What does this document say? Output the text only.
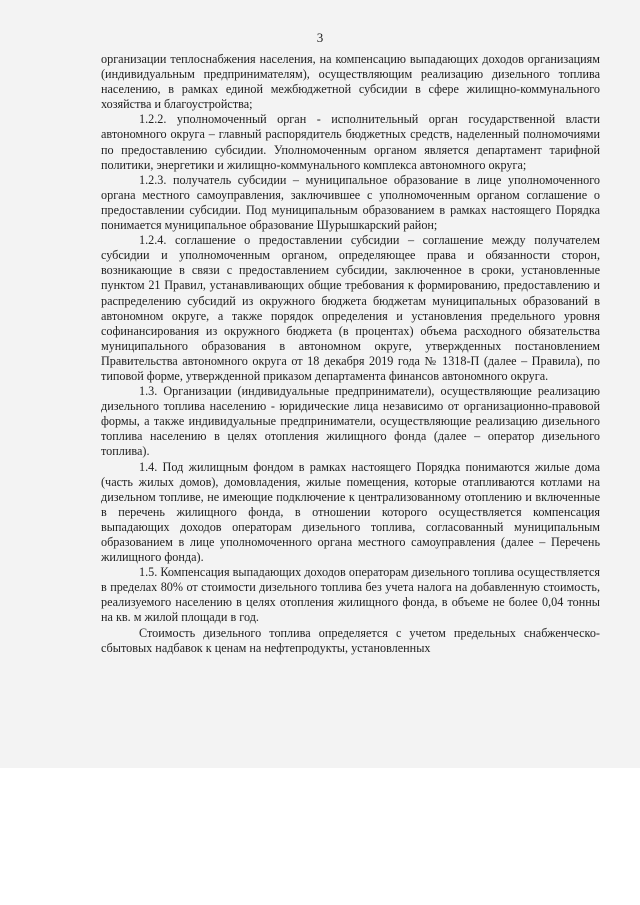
3

организации теплоснабжения населения, на компенсацию выпадающих доходов организациям (индивидуальным предпринимателям), осуществляющим реализацию дизельного топлива населению, в рамках единой межбюджетной субсидии в сфере жилищно-коммунального хозяйства и благоустройства;

1.2.2. уполномоченный орган - исполнительный орган государственной власти автономного округа – главный распорядитель бюджетных средств, наделенный полномочиями по предоставлению субсидии. Уполномоченным органом является департамент тарифной политики, энергетики и жилищно-коммунального комплекса автономного округа;

1.2.3. получатель субсидии – муниципальное образование в лице уполномоченного органа местного самоуправления, заключившее с уполномоченным органом соглашение о предоставлении субсидии. Под муниципальным образованием в рамках настоящего Порядка понимается муниципальное образование Шурышкарский район;

1.2.4. соглашение о предоставлении субсидии – соглашение между получателем субсидии и уполномоченным органом, определяющее права и обязанности сторон, возникающие в связи с предоставлением субсидии, заключенное в сроки, установленные пунктом 21 Правил, устанавливающих общие требования к формированию, предоставлению и распределению субсидий из окружного бюджета бюджетам муниципальных образований в автономном округе, а также порядок определения и установления предельного уровня софинансирования из окружного бюджета (в процентах) объема расходного обязательства муниципального образования в автономном округе, утвержденных постановлением Правительства автономного округа от 18 декабря 2019 года № 1318-П (далее – Правила), по типовой форме, утвержденной приказом департамента финансов автономного округа.

1.3. Организации (индивидуальные предприниматели), осуществляющие реализацию дизельного топлива населению - юридические лица независимо от организационно-правовой формы, а также индивидуальные предприниматели, осуществляющие реализацию дизельного топлива населению в целях отопления жилищного фонда (далее – оператор дизельного топлива).

1.4. Под жилищным фондом в рамках настоящего Порядка понимаются жилые дома (часть жилых домов), домовладения, жилые помещения, которые отапливаются котлами на дизельном топливе, не имеющие подключение к централизованному отоплению и включенные в перечень жилищного фонда, в отношении которого осуществляется компенсация выпадающих доходов операторам дизельного топлива, согласованный муниципальным образованием в лице уполномоченного органа местного самоуправления (далее – Перечень жилищного фонда).

1.5. Компенсация выпадающих доходов операторам дизельного топлива осуществляется в пределах 80% от стоимости дизельного топлива без учета налога на добавленную стоимость, реализуемого населению в целях отопления жилищного фонда, в объеме не более 0,04 тонны на кв. м жилой площади в год.

Стоимость дизельного топлива определяется с учетом предельных снабженческо-сбытовых надбавок к ценам на нефтепродукты, установленных
